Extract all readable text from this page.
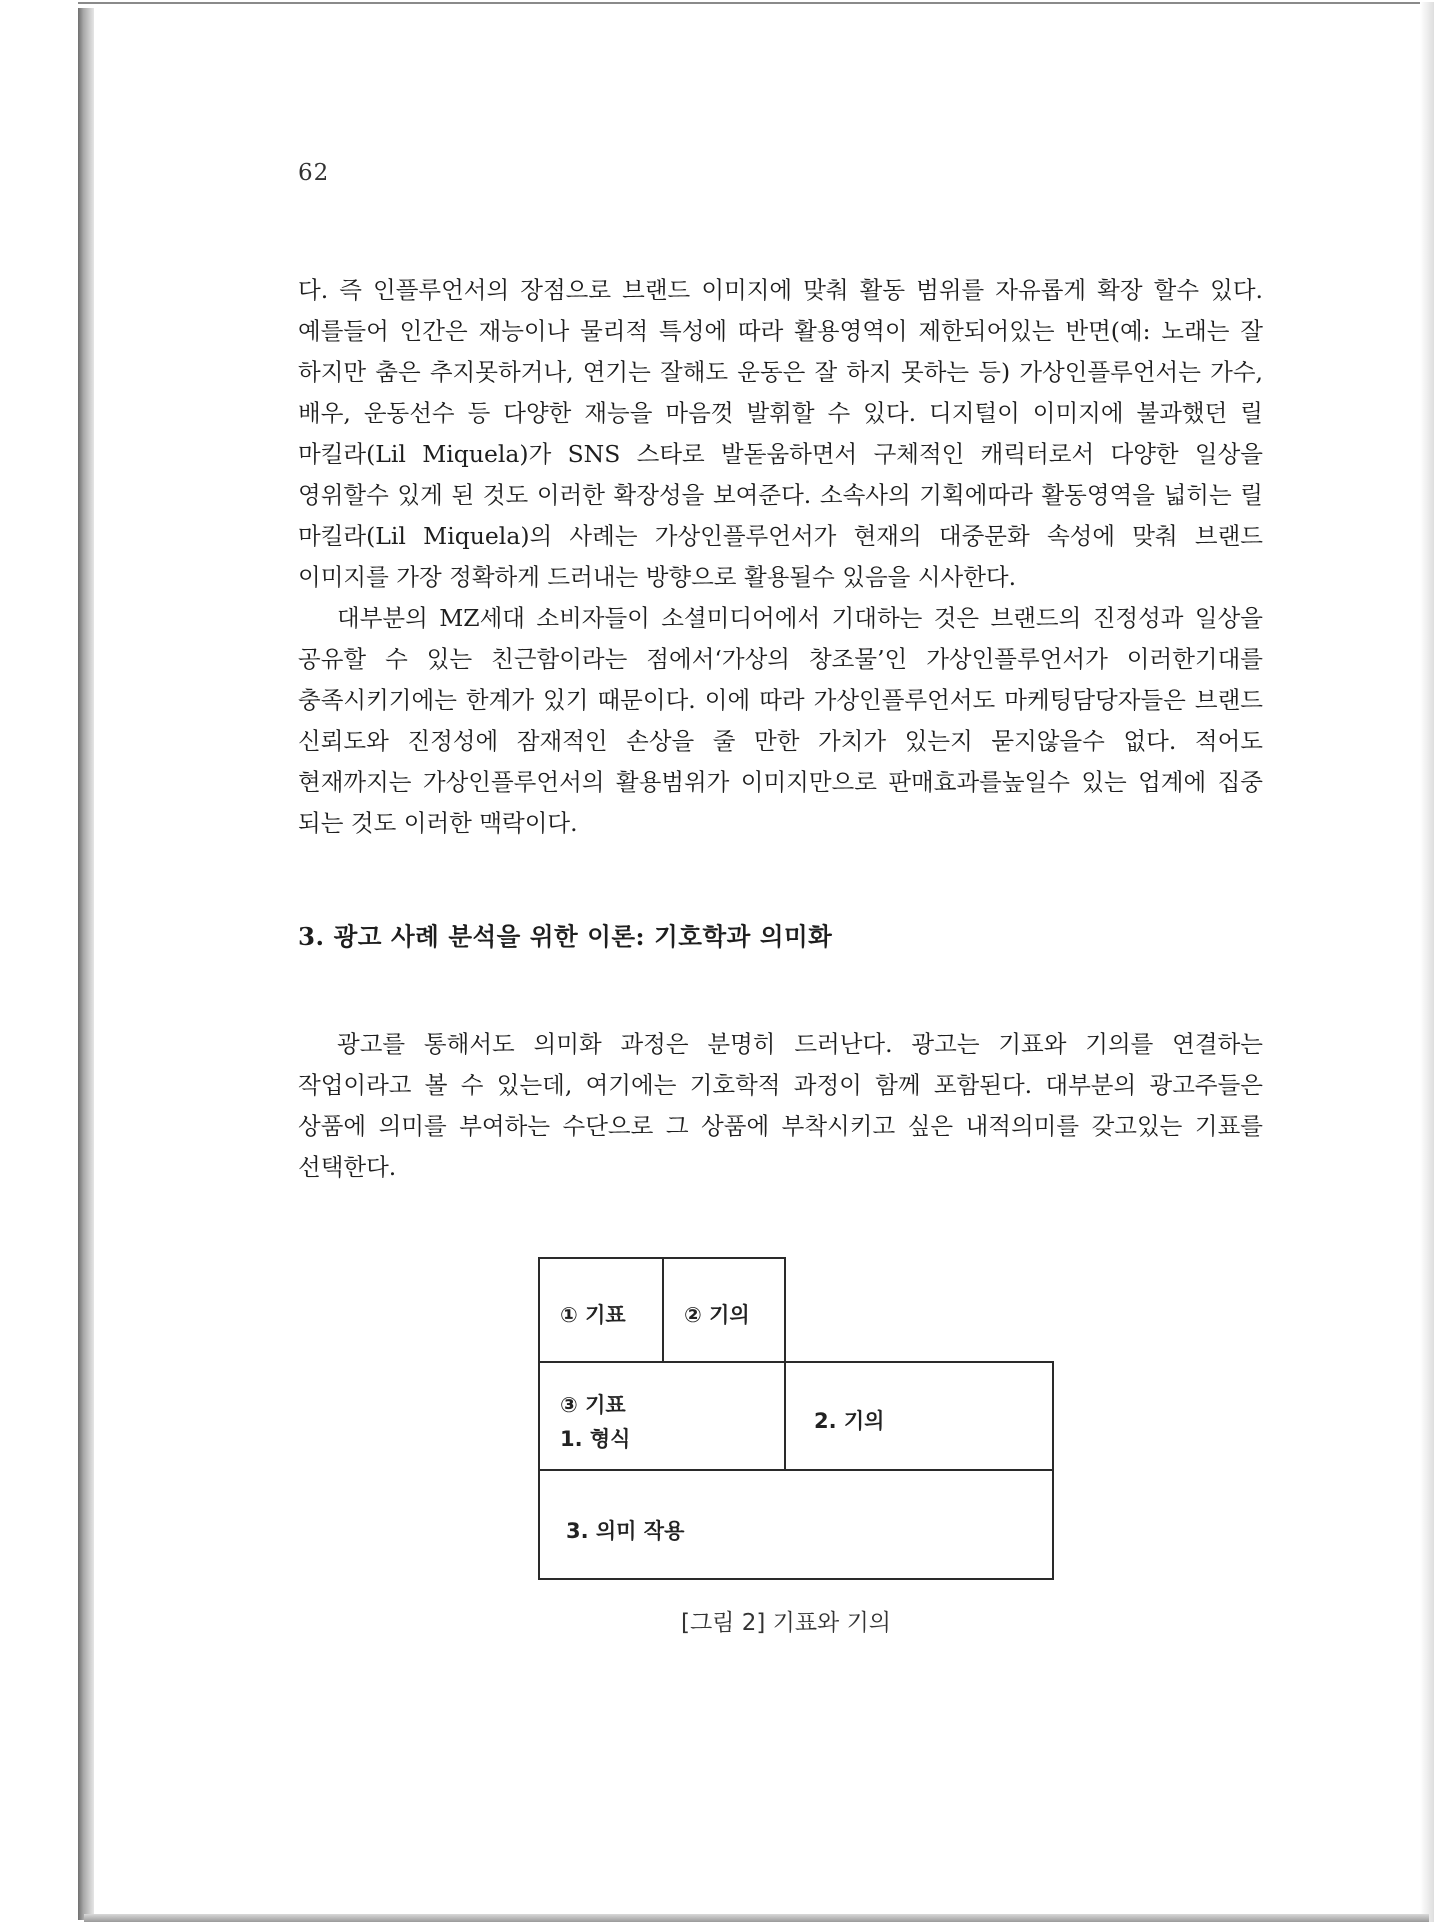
62

다. 즉 인플루언서의 장점으로 브랜드 이미지에 맞춰 활동 범위를 자유롭게 확장 할수 있다. 예를들어 인간은 재능이나 물리적 특성에 따라 활용영역이 제한되어있는 반면(예: 노래는 잘 하지만 춤은 추지못하거나, 연기는 잘해도 운동은 잘 하지 못하는 등) 가상인플루언서는 가수, 배우, 운동선수 등 다양한 재능을 마음껏 발휘할 수 있다. 디지털이 이미지에 불과했던 릴 마킬라(Lil Miquela)가 SNS 스타로 발돋움하면서 구체적인 캐릭터로서 다양한 일상을 영위할수 있게 된 것도 이러한 확장성을 보여준다. 소속사의 기획에따라 활동영역을 넓히는 릴 마킬라(Lil Miquela)의 사례는 가상인플루언서가 현재의 대중문화 속성에 맞춰 브랜드 이미지를 가장 정확하게 드러내는 방향으로 활용될수 있음을 시사한다.

대부분의 MZ세대 소비자들이 소셜미디어에서 기대하는 것은 브랜드의 진정성과 일상을 공유할 수 있는 친근함이라는 점에서‘가상의 창조물’인 가상인플루언서가 이러한기대를 충족시키기에는 한계가 있기 때문이다. 이에 따라 가상인플루언서도 마케팅담당자들은 브랜드 신뢰도와 진정성에 잠재적인 손상을 줄 만한 가치가 있는지 묻지않을수 없다. 적어도 현재까지는 가상인플루언서의 활용범위가 이미지만으로 판매효과를높일수 있는 업계에 집중 되는 것도 이러한 맥락이다.

3. 광고 사례 분석을 위한 이론: 기호학과 의미화

광고를 통해서도 의미화 과정은 분명히 드러난다. 광고는 기표와 기의를 연결하는 작업이라고 볼 수 있는데, 여기에는 기호학적 과정이 함께 포함된다. 대부분의 광고주들은 상품에 의미를 부여하는 수단으로 그 상품에 부착시키고 싶은 내적의미를 갖고있는 기표를 선택한다.

① 기표	② 기의
③ 기표
1. 형식
2. 기의
3. 의미 작용
[그림 2] 기표와 기의
